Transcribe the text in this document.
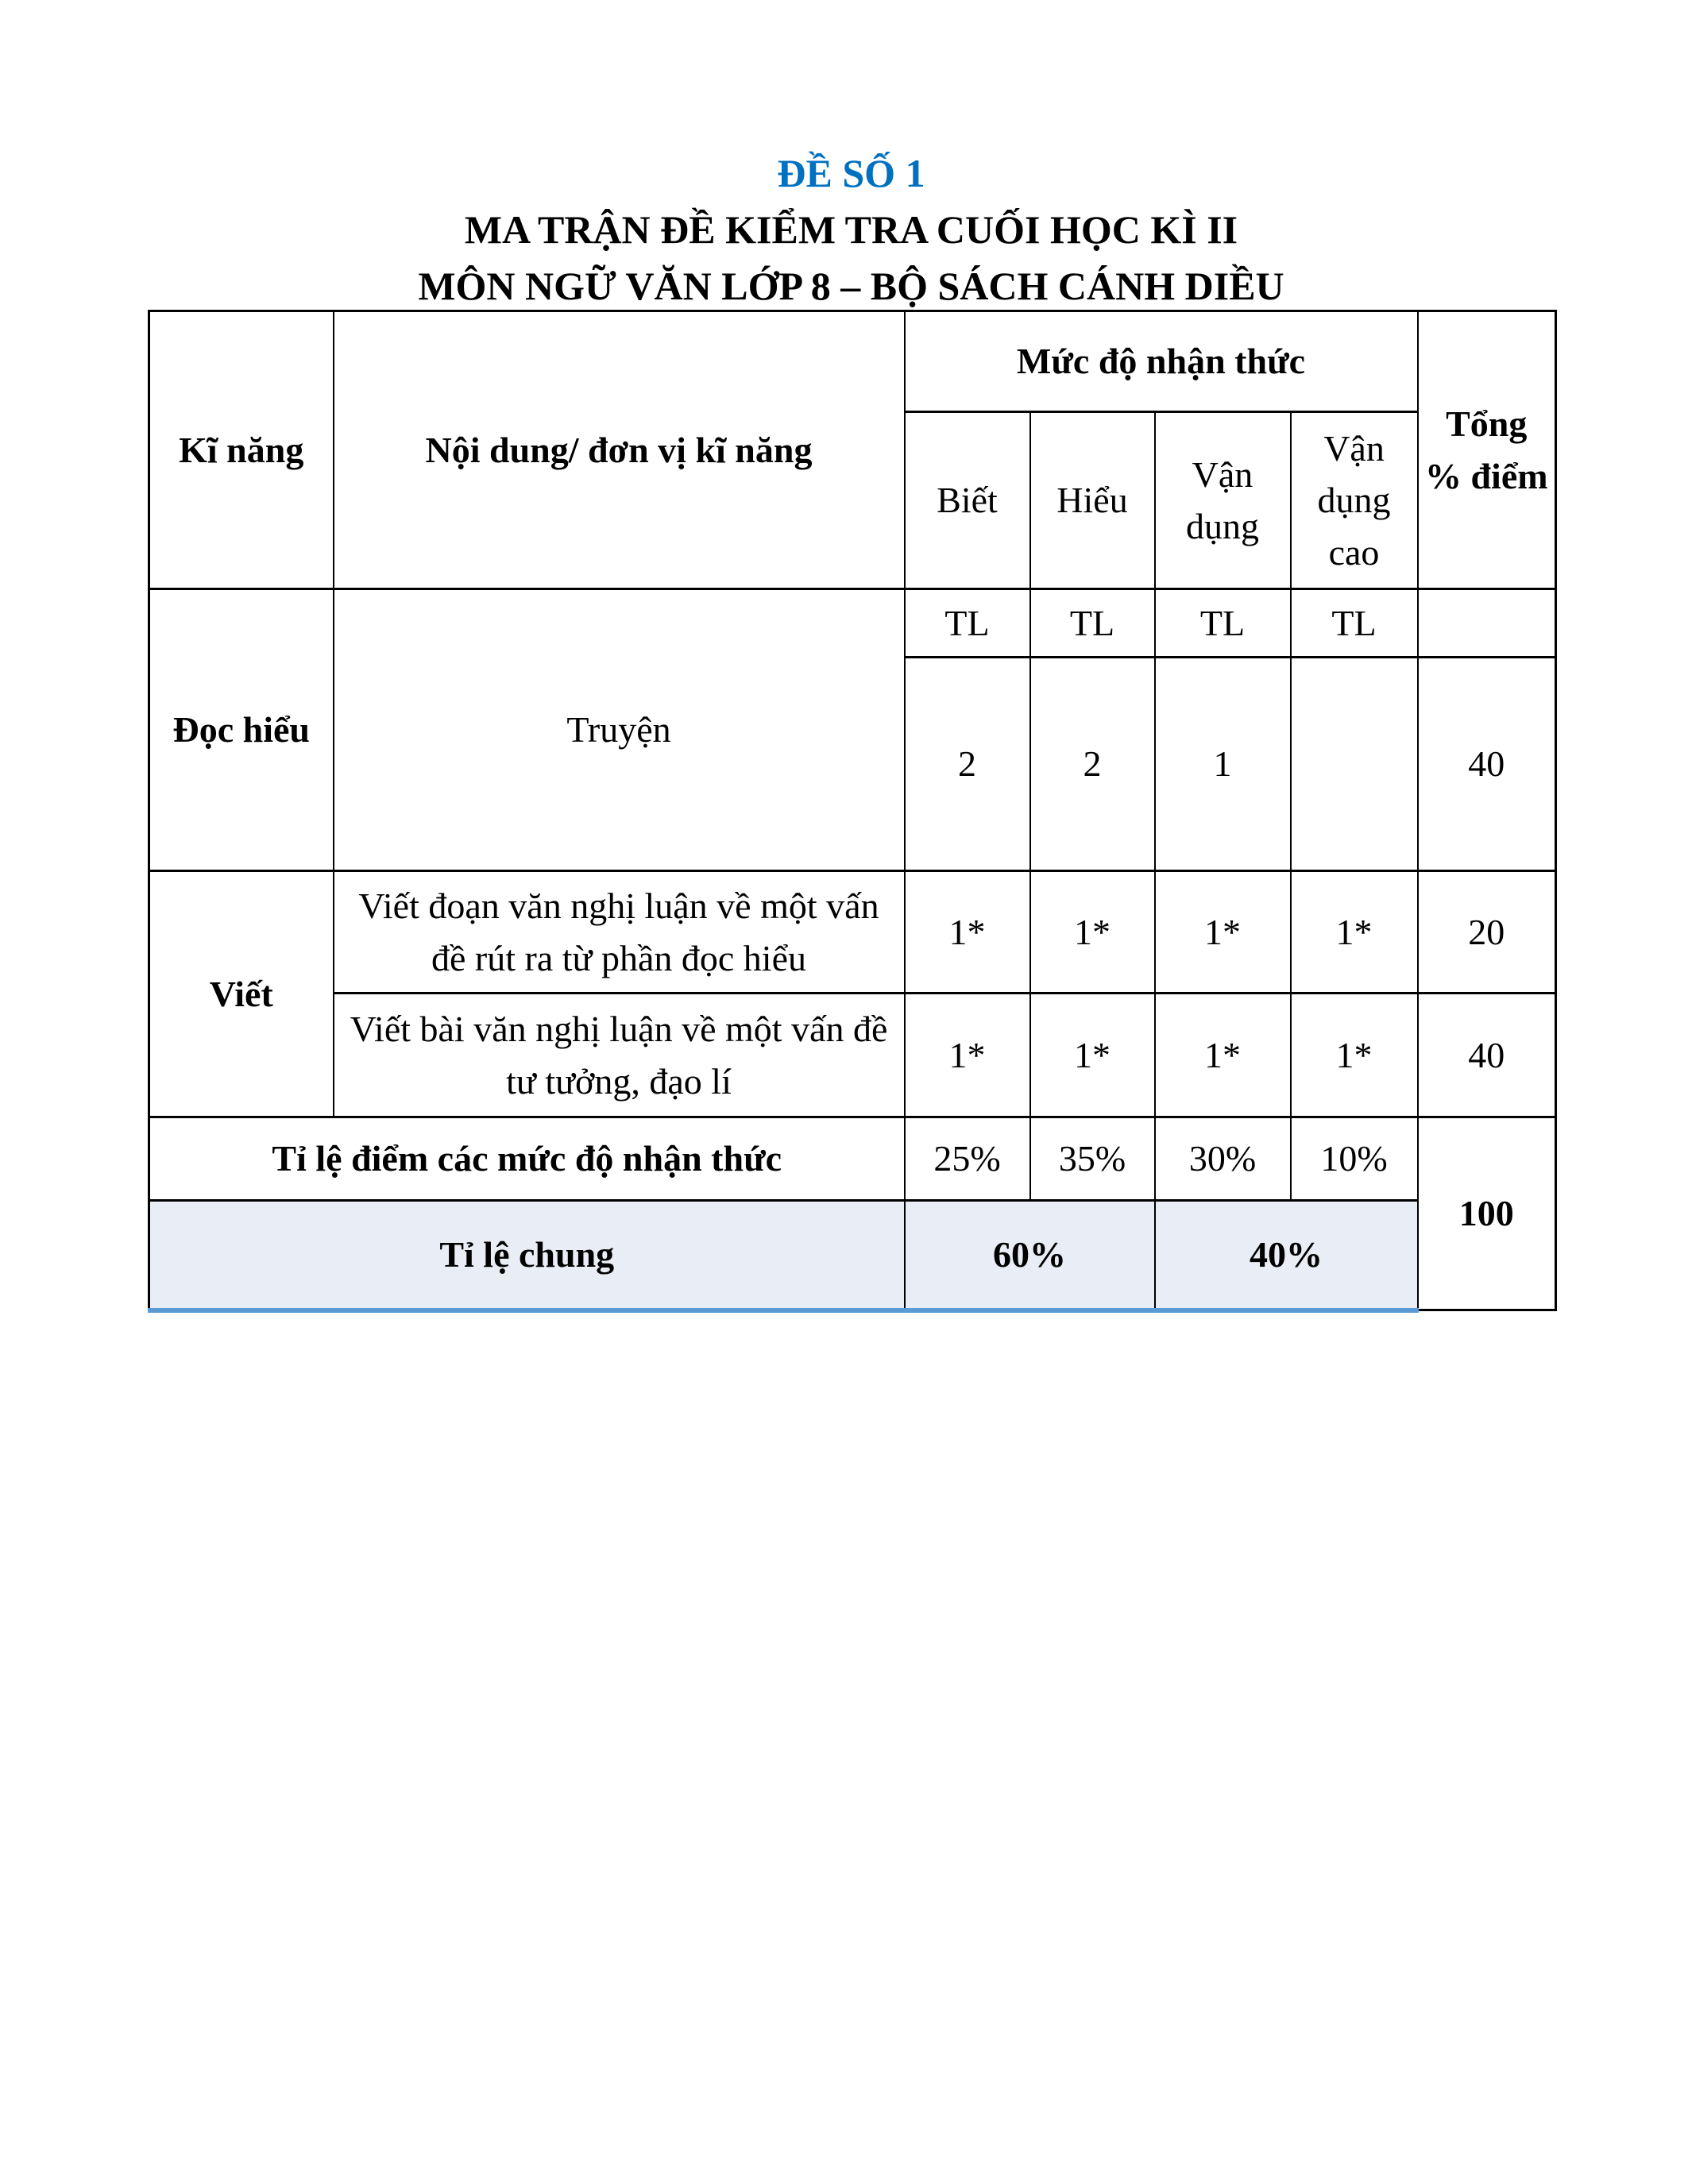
ĐỀ SỐ 1
MA TRẬN ĐỀ KIỂM TRA CUỐI HỌC KÌ II
MÔN NGỮ VĂN LỚP 8 – BỘ SÁCH CÁNH DIỀU
Kĩ năng	Nội dung/ đơn vị kĩ năng	Mức độ nhận thức				Tổng % điểm
		Biết	Hiểu	Vận dụng	Vận dụng cao	
Đọc hiểu	Truyện	TL	TL	TL	TL	
		2	2	1		40
Viết	Viết đoạn văn nghị luận về một vấn đề rút ra từ phần đọc hiểu	1*	1*	1*	1*	20
	Viết bài văn nghị luận về một vấn đề tư tưởng, đạo lí	1*	1*	1*	1*	40
Tỉ lệ điểm các mức độ nhận thức		25%	35%	30%	10%	100
Tỉ lệ chung		60%		40%		
